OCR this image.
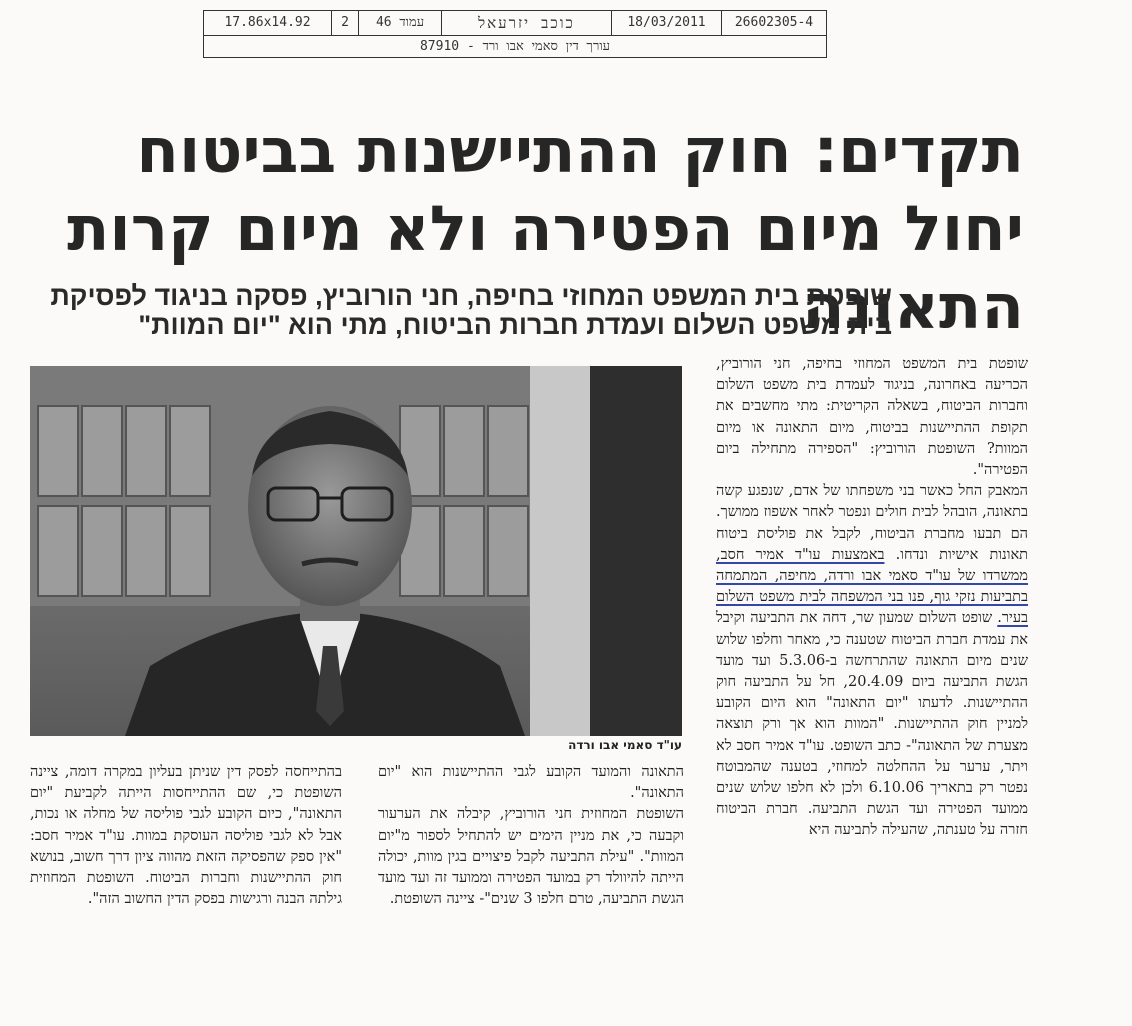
17.86x14.92	2	עמוד 46	כוכב יזרעאל	18/03/2011	26602305-4
עורך דין סאמי אבו ורד - 87910
תקדים: חוק ההתיישנות בביטוח יחול מיום הפטירה ולא מיום קרות התאונה
שופטת בית המשפט המחוזי בחיפה, חני הורוביץ, פסקה בניגוד לפסיקת בית משפט השלום ועמדת חברות הביטוח, מתי הוא "יום המוות"

שופטת בית המשפט המחוזי בחיפה, חני הורוביץ, הכריעה באחרונה, בניגוד לעמדת בית משפט השלום וחברות הביטוח, בשאלה הקריטית: מתי מחשבים את תקופת ההתיישנות בביטוח, מיום התאונה או מיום המוות? השופטת הורוביץ: "הספירה מתחילה ביום הפטירה".

המאבק החל כאשר בני משפחתו של אדם, שנפגע קשה בתאונה, הובהל לבית חולים ונפטר לאחר אשפוז ממושך. הם תבעו מחברת הביטוח, לקבל את פוליסת ביטוח תאונות אישיות ונדחו. באמצעות עו"ד אמיר חסב, ממשרדו של עו"ד סאמי אבו ורדה, מחיפה, המתמחה בתביעות נזקי גוף, פנו בני המשפחה לבית משפט השלום בעיר. שופט השלום שמעון שר, דחה את התביעה וקיבל את עמדת חברת הביטוח שטענה כי, מאחר וחלפו שלוש שנים מיום התאונה שהתרחשה ב-5.3.06 ועד מועד הגשת התביעה ביום 20.4.09, חל על התביעה חוק ההתיישנות. לדעתו "יום התאונה" הוא היום הקובע למניין חוק ההתיישנות. "המוות הוא אך ורק תוצאה מצערת של התאונה"- כתב השופט. עו"ד אמיר חסב לא ויתר, ערער על ההחלטה למחוזי, בטענה שהמבוטח נפטר רק בתאריך 6.10.06 ולכן לא חלפו שלוש שנים ממועד הפטירה ועד הגשת התביעה. חברת הביטוח חזרה על טענתה, שהעילה לתביעה היא

עו"ד סאמי אבו ורדה

התאונה והמועד הקובע לגבי ההתיישנות הוא "יום התאונה".

השופטת המחוזית חני הורוביץ, קיבלה את הערעור וקבעה כי, את מניין הימים יש להתחיל לספור מ"יום המוות". "עילת התביעה לקבל פיצויים בגין מוות, יכולה הייתה להיוולד רק במועד הפטירה וממועד זה ועד מועד הגשת התביעה, טרם חלפו 3 שנים"- ציינה השופטת.

בהתייחסה לפסק דין שניתן בעליון במקרה דומה, ציינה השופטת כי, שם ההתייחסות הייתה לקביעת "יום התאונה", כיום הקובע לגבי פוליסה של מחלה או נכות, אבל לא לגבי פוליסה העוסקת במוות. עו"ד אמיר חסב: "אין ספק שהפסיקה הזאת מהווה ציון דרך חשוב, בנושא חוק ההתיישנות וחברות הביטוח. השופטת המחוזית גילתה הבנה ורגישות בפסק הדין החשוב הזה".
